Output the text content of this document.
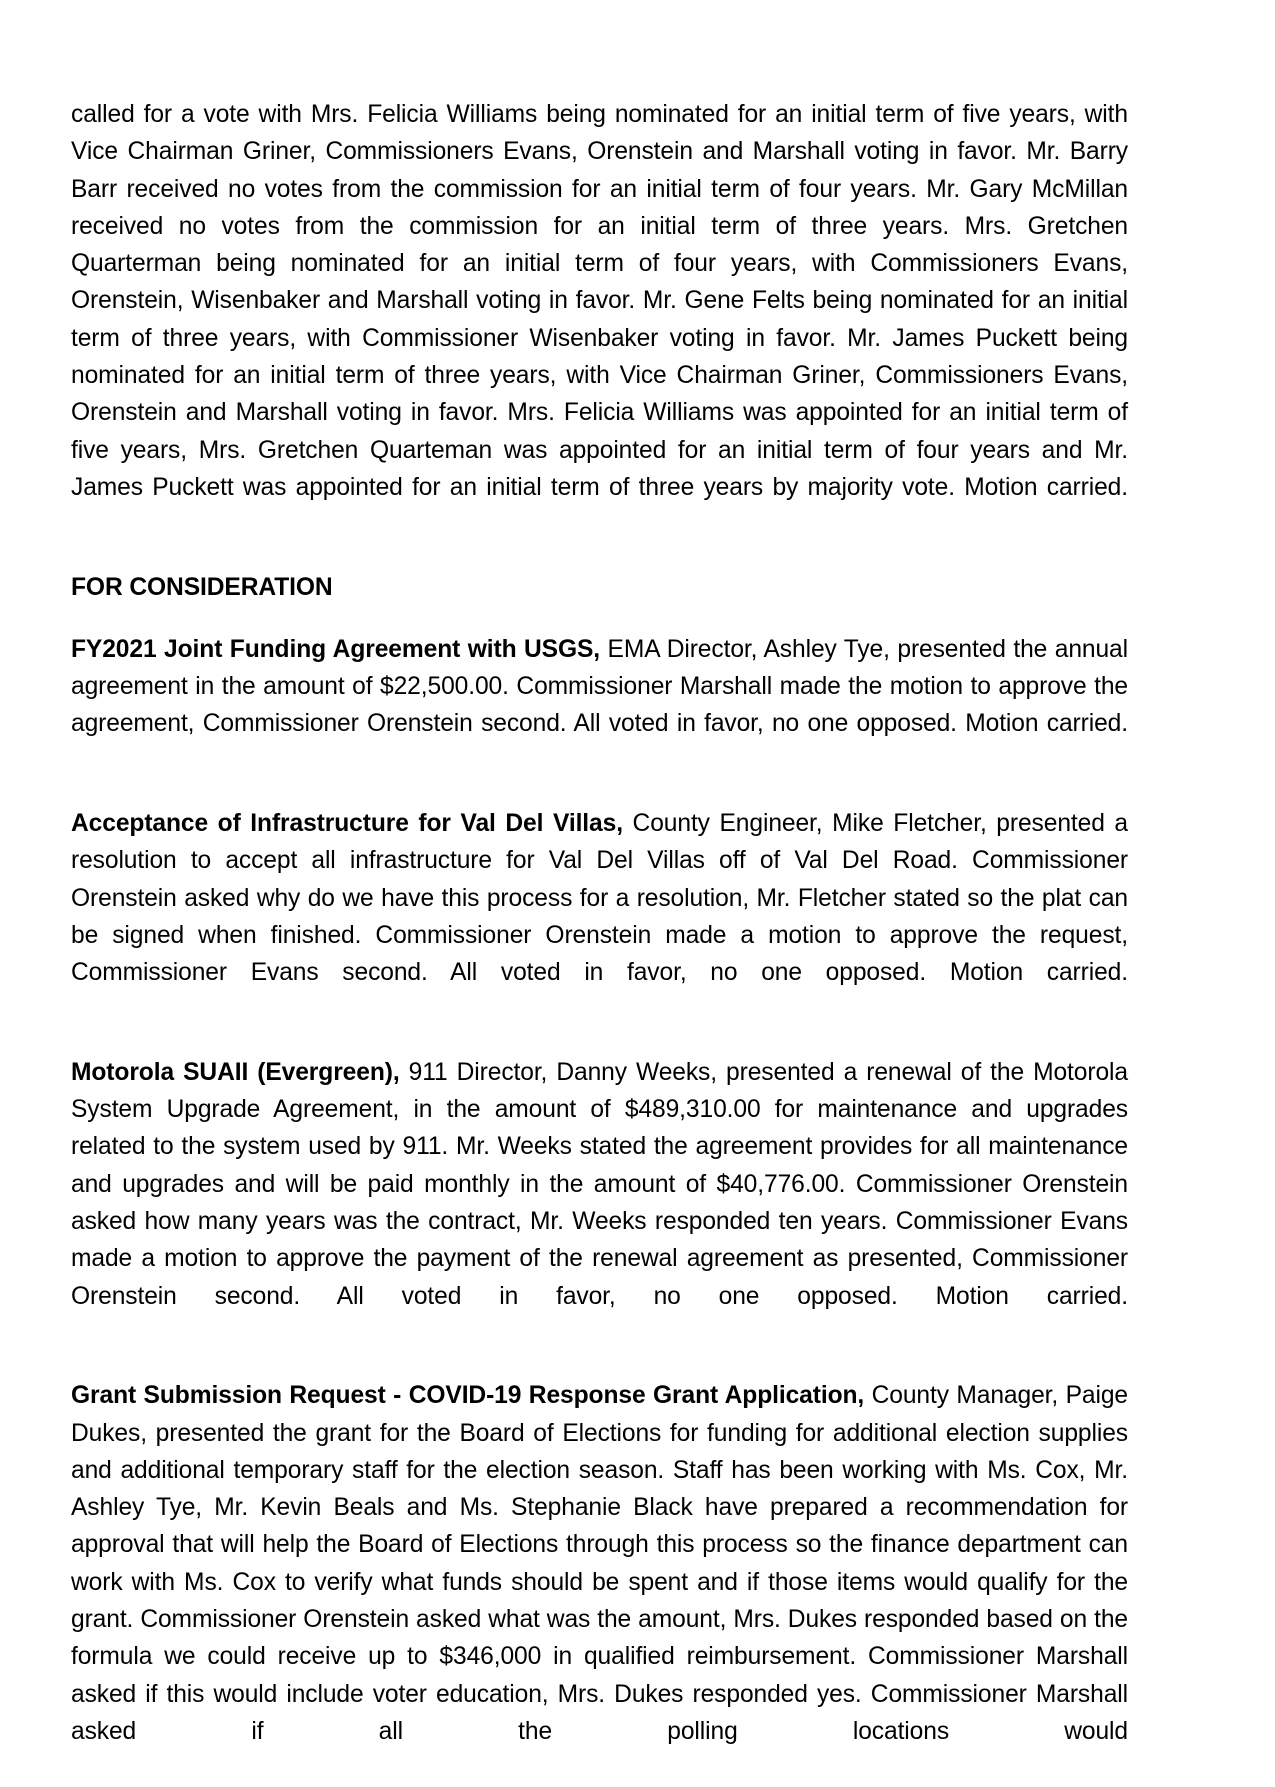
called for a vote with Mrs. Felicia Williams being nominated for an initial term of five years, with Vice Chairman Griner, Commissioners Evans, Orenstein and Marshall voting in favor. Mr. Barry Barr received no votes from the commission for an initial term of four years. Mr. Gary McMillan received no votes from the commission for an initial term of three years. Mrs. Gretchen Quarterman being nominated for an initial term of four years, with Commissioners Evans, Orenstein, Wisenbaker and Marshall voting in favor. Mr. Gene Felts being nominated for an initial term of three years, with Commissioner Wisenbaker voting in favor. Mr. James Puckett being nominated for an initial term of three years, with Vice Chairman Griner, Commissioners Evans, Orenstein and Marshall voting in favor. Mrs. Felicia Williams was appointed for an initial term of five years, Mrs. Gretchen Quarteman was appointed for an initial term of four years and Mr. James Puckett was appointed for an initial term of three years by majority vote. Motion carried.

FOR CONSIDERATION

FY2021 Joint Funding Agreement with USGS, EMA Director, Ashley Tye, presented the annual agreement in the amount of $22,500.00. Commissioner Marshall made the motion to approve the agreement, Commissioner Orenstein second. All voted in favor, no one opposed. Motion carried.

Acceptance of Infrastructure for Val Del Villas, County Engineer, Mike Fletcher, presented a resolution to accept all infrastructure for Val Del Villas off of Val Del Road. Commissioner Orenstein asked why do we have this process for a resolution, Mr. Fletcher stated so the plat can be signed when finished. Commissioner Orenstein made a motion to approve the request, Commissioner Evans second. All voted in favor, no one opposed. Motion carried.

Motorola SUAII (Evergreen), 911 Director, Danny Weeks, presented a renewal of the Motorola System Upgrade Agreement, in the amount of $489,310.00 for maintenance and upgrades related to the system used by 911. Mr. Weeks stated the agreement provides for all maintenance and upgrades and will be paid monthly in the amount of $40,776.00. Commissioner Orenstein asked how many years was the contract, Mr. Weeks responded ten years. Commissioner Evans made a motion to approve the payment of the renewal agreement as presented, Commissioner Orenstein second. All voted in favor, no one opposed. Motion carried.

Grant Submission Request - COVID-19 Response Grant Application, County Manager, Paige Dukes, presented the grant for the Board of Elections for funding for additional election supplies and additional temporary staff for the election season. Staff has been working with Ms. Cox, Mr. Ashley Tye, Mr. Kevin Beals and Ms. Stephanie Black have prepared a recommendation for approval that will help the Board of Elections through this process so the finance department can work with Ms. Cox to verify what funds should be spent and if those items would qualify for the grant. Commissioner Orenstein asked what was the amount, Mrs. Dukes responded based on the formula we could receive up to $346,000 in qualified reimbursement. Commissioner Marshall asked if this would include voter education, Mrs. Dukes responded yes. Commissioner Marshall asked if all the polling locations would
